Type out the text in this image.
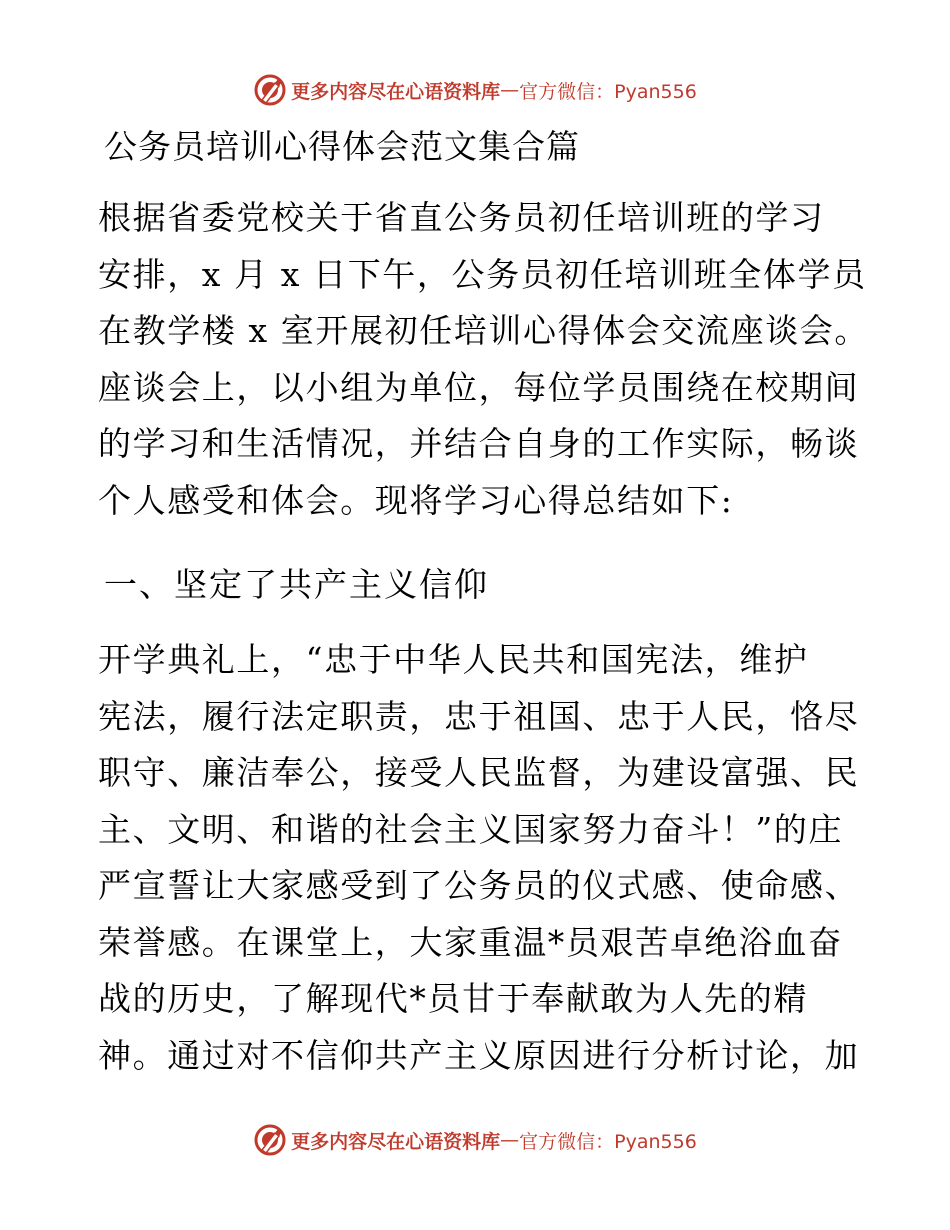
更多内容尽在心语资料库 — 官方微信：Pyan556
公务员培训心得体会范文集合篇
根据省委党校关于省直公务员初任培训班的学习
安排，x 月 x 日下午，公务员初任培训班全体学员
在教学楼 x 室开展初任培训心得体会交流座谈会。
座谈会上，以小组为单位，每位学员围绕在校期间
的学习和生活情况，并结合自身的工作实际，畅谈
个人感受和体会。现将学习心得总结如下:
一、坚定了共产主义信仰
开学典礼上，“忠于中华人民共和国宪法，维护
宪法，履行法定职责，忠于祖国、忠于人民，恪尽
职守、廉洁奉公，接受人民监督，为建设富强、民
主、文明、和谐的社会主义国家努力奋斗！”的庄
严宣誓让大家感受到了公务员的仪式感、使命感、
荣誉感。在课堂上，大家重温*员艰苦卓绝浴血奋
战的历史，了解现代*员甘于奉献敢为人先的精
神。通过对不信仰共产主义原因进行分析讨论，加
更多内容尽在心语资料库 — 官方微信：Pyan556
